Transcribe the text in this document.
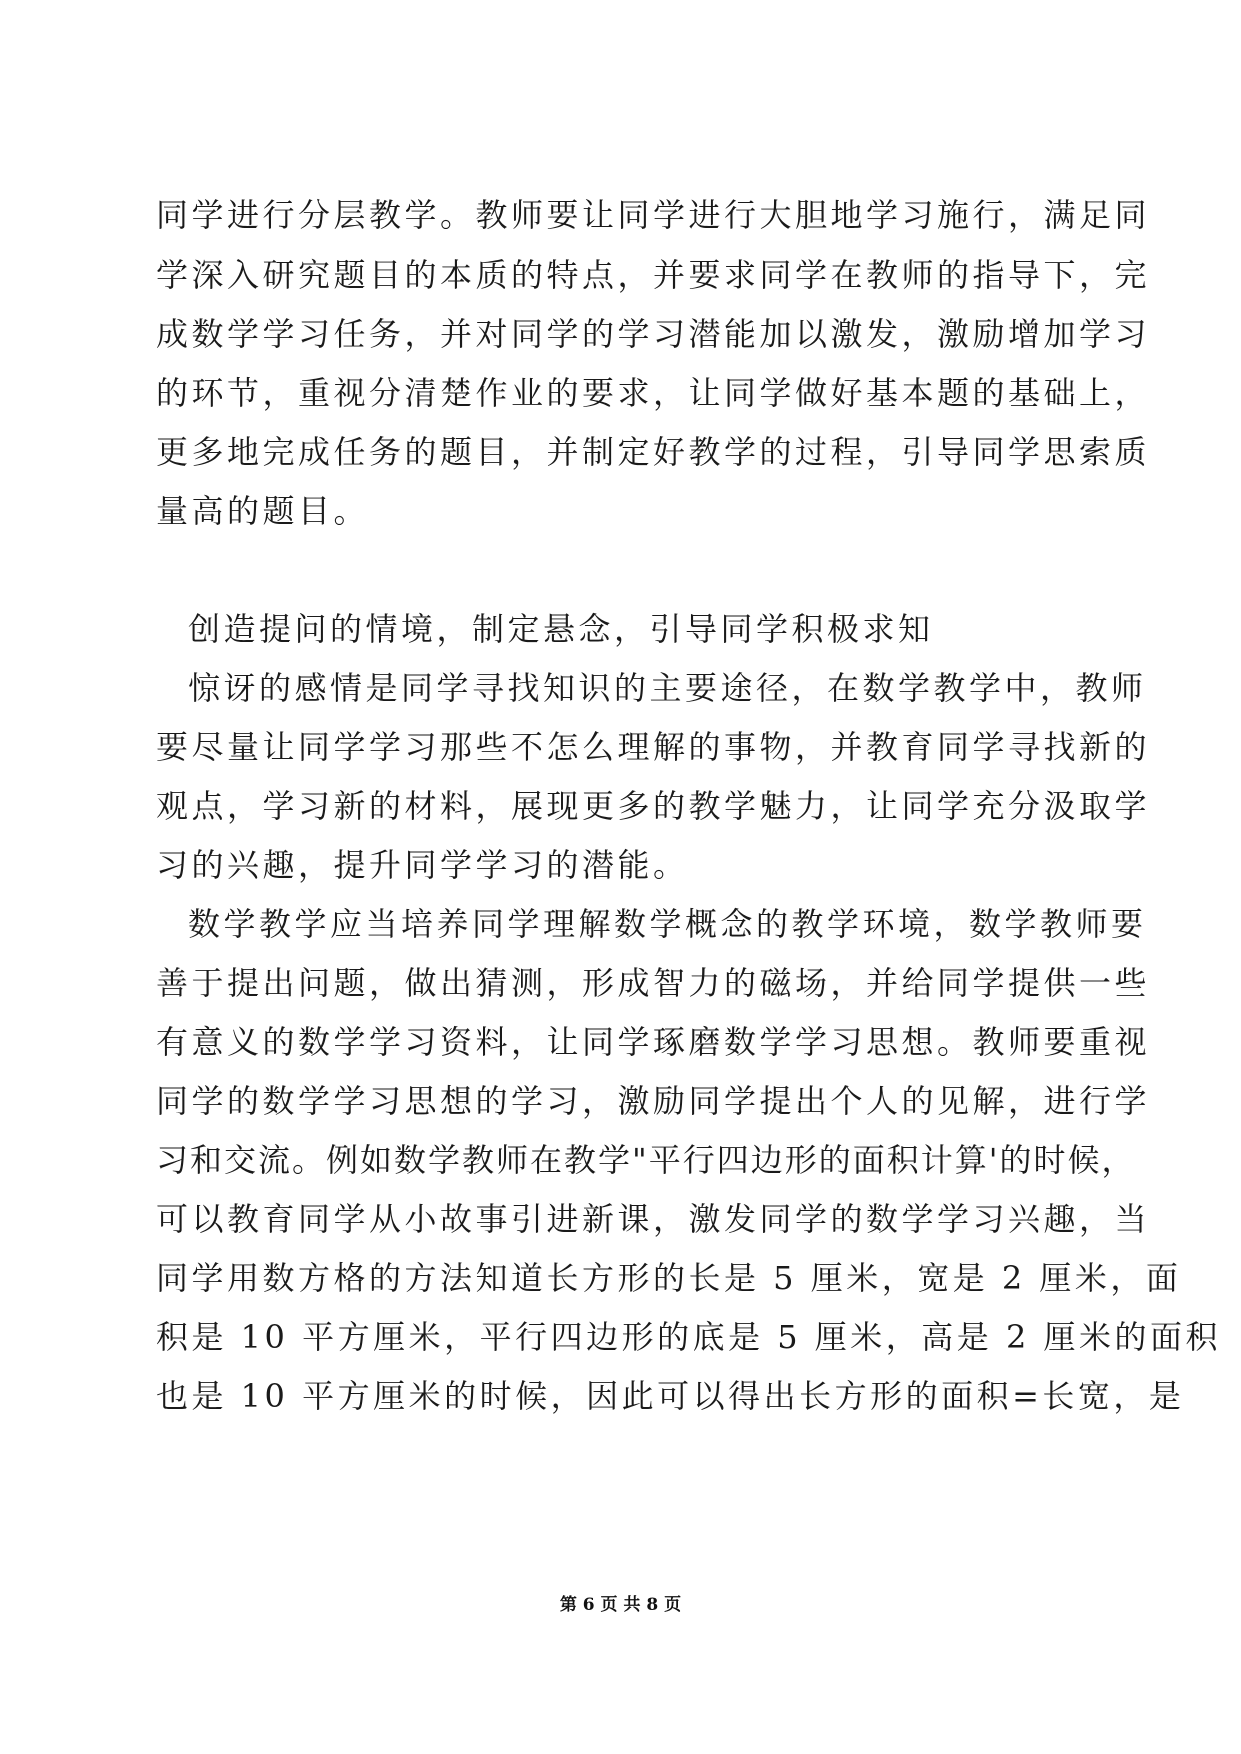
同学进行分层教学。教师要让同学进行大胆地学习施行，满足同
学深入研究题目的本质的特点，并要求同学在教师的指导下，完
成数学学习任务，并对同学的学习潜能加以激发，激励增加学习
的环节，重视分清楚作业的要求，让同学做好基本题的基础上，
更多地完成任务的题目，并制定好教学的过程，引导同学思索质
量高的题目。
创造提问的情境，制定悬念，引导同学积极求知
惊讶的感情是同学寻找知识的主要途径，在数学教学中，教师
要尽量让同学学习那些不怎么理解的事物，并教育同学寻找新的
观点，学习新的材料，展现更多的教学魅力，让同学充分汲取学
习的兴趣，提升同学学习的潜能。
数学教学应当培养同学理解数学概念的教学环境，数学教师要
善于提出问题，做出猜测，形成智力的磁场，并给同学提供一些
有意义的数学学习资料，让同学琢磨数学学习思想。教师要重视
同学的数学学习思想的学习，激励同学提出个人的见解，进行学
习和交流。例如数学教师在教学"平行四边形的面积计算'的时候，
可以教育同学从小故事引进新课，激发同学的数学学习兴趣，当
同学用数方格的方法知道长方形的长是 5 厘米，宽是 2 厘米，面
积是 10 平方厘米，平行四边形的底是 5 厘米，高是 2 厘米的面积
也是 10 平方厘米的时候，因此可以得出长方形的面积=长宽，是
第 6 页 共 8 页
